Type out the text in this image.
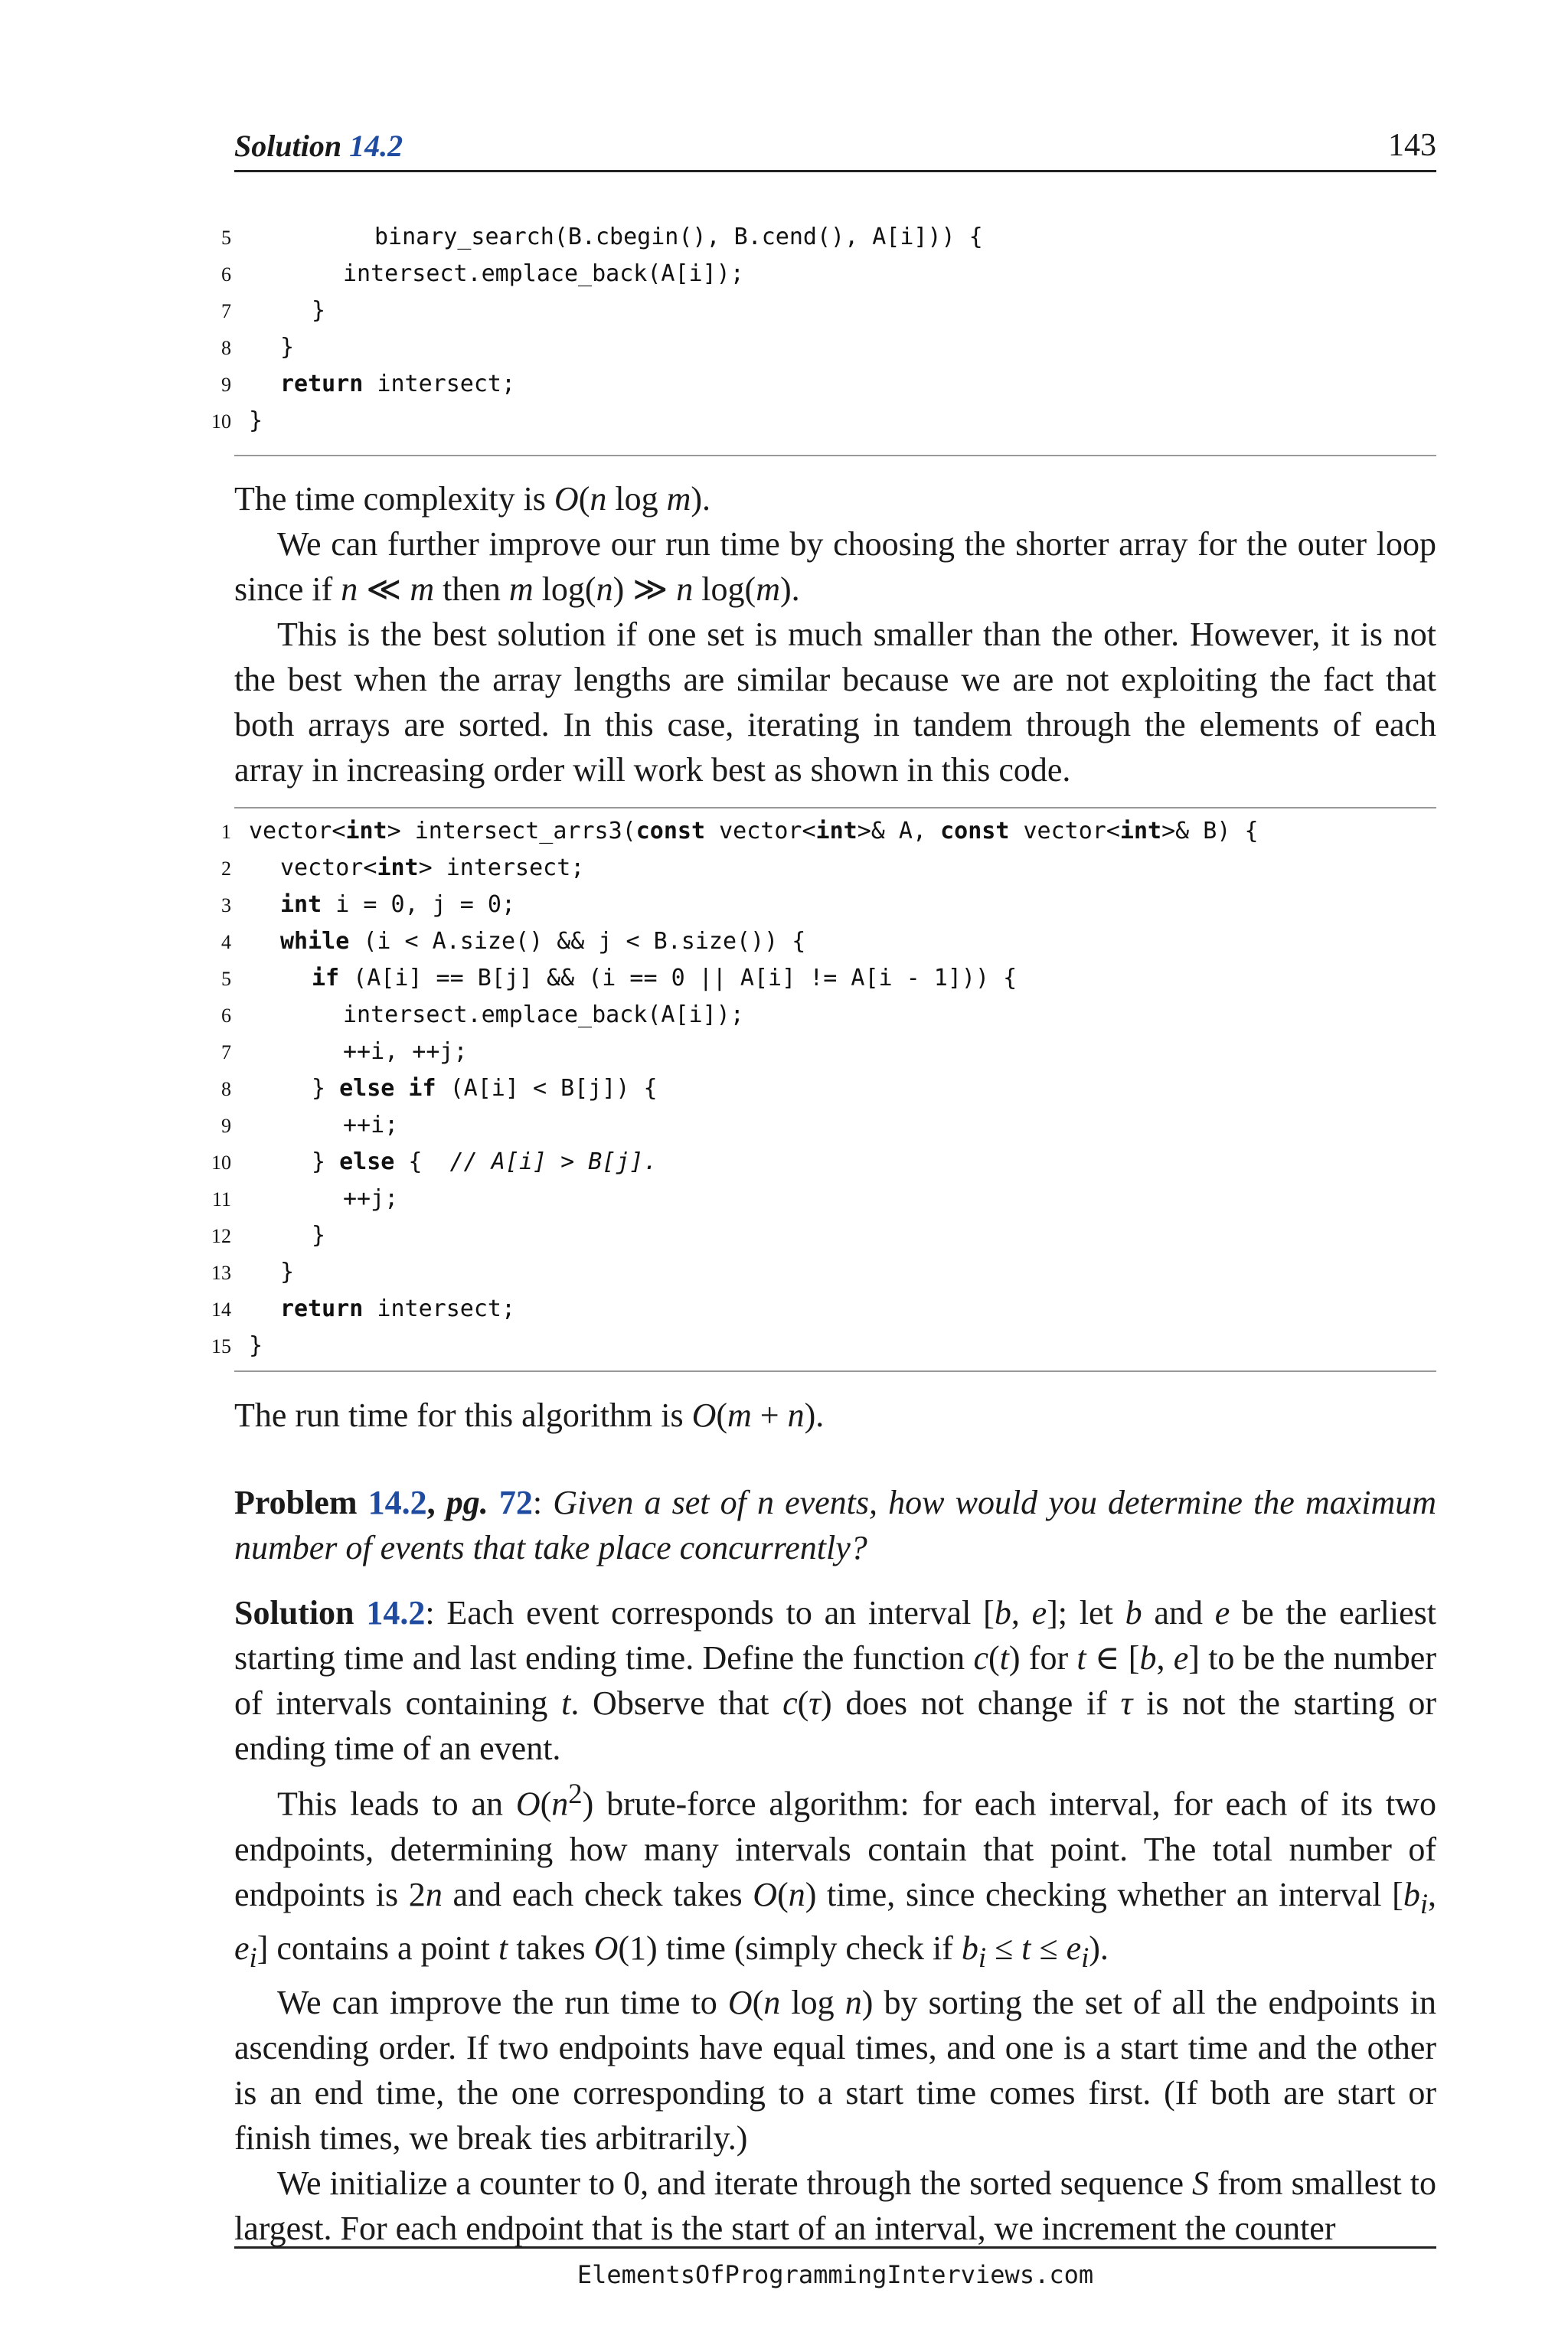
Solution 14.2	143
5	binary_search(B.cbegin(), B.cend(), A[i])) {
6	intersect.emplace_back(A[i]);
7	}
8	}
9	return intersect;
10 }

The time complexity is O(n log m).

We can further improve our run time by choosing the shorter array for the outer loop since if n ≪ m then m log(n) ≫ n log(m).

This is the best solution if one set is much smaller than the other. However, it is not the best when the array lengths are similar because we are not exploiting the fact that both arrays are sorted. In this case, iterating in tandem through the elements of each array in increasing order will work best as shown in this code.

1 vector<int> intersect_arrs3(const vector<int>& A, const vector<int>& B) {
2	vector<int> intersect;
3	int i = 0, j = 0;
4	while (i < A.size() && j < B.size()) {
5	if (A[i] == B[j] && (i == 0 || A[i] != A[i - 1])) {
6	intersect.emplace_back(A[i]);
7	++i, ++j;
8	} else if (A[i] < B[j]) {
9	++i;
10	} else {  // A[i] > B[j].
11	++j;
12	}
13	}
14	return intersect;
15 }

The run time for this algorithm is O(m + n).

Problem 14.2, pg. 72: Given a set of n events, how would you determine the maximum number of events that take place concurrently?

Solution 14.2: Each event corresponds to an interval [b, e]; let b and e be the earliest starting time and last ending time. Define the function c(t) for t ∈ [b, e] to be the number of intervals containing t. Observe that c(τ) does not change if τ is not the starting or ending time of an event.

This leads to an $O(n^2)$ brute-force algorithm: for each interval, for each of its two endpoints, determining how many intervals contain that point. The total number of endpoints is 2n and each check takes O(n) time, since checking whether an interval [$b_i$, $e_i$] contains a point t takes O(1) time (simply check if $b_i \le t \le e_i$).

We can improve the run time to O(n log n) by sorting the set of all the endpoints in ascending order. If two endpoints have equal times, and one is a start time and the other is an end time, the one corresponding to a start time comes first. (If both are start or finish times, we break ties arbitrarily.)

We initialize a counter to 0, and iterate through the sorted sequence S from smallest to largest. For each endpoint that is the start of an interval, we increment the counter

ElementsOfProgrammingInterviews.com
